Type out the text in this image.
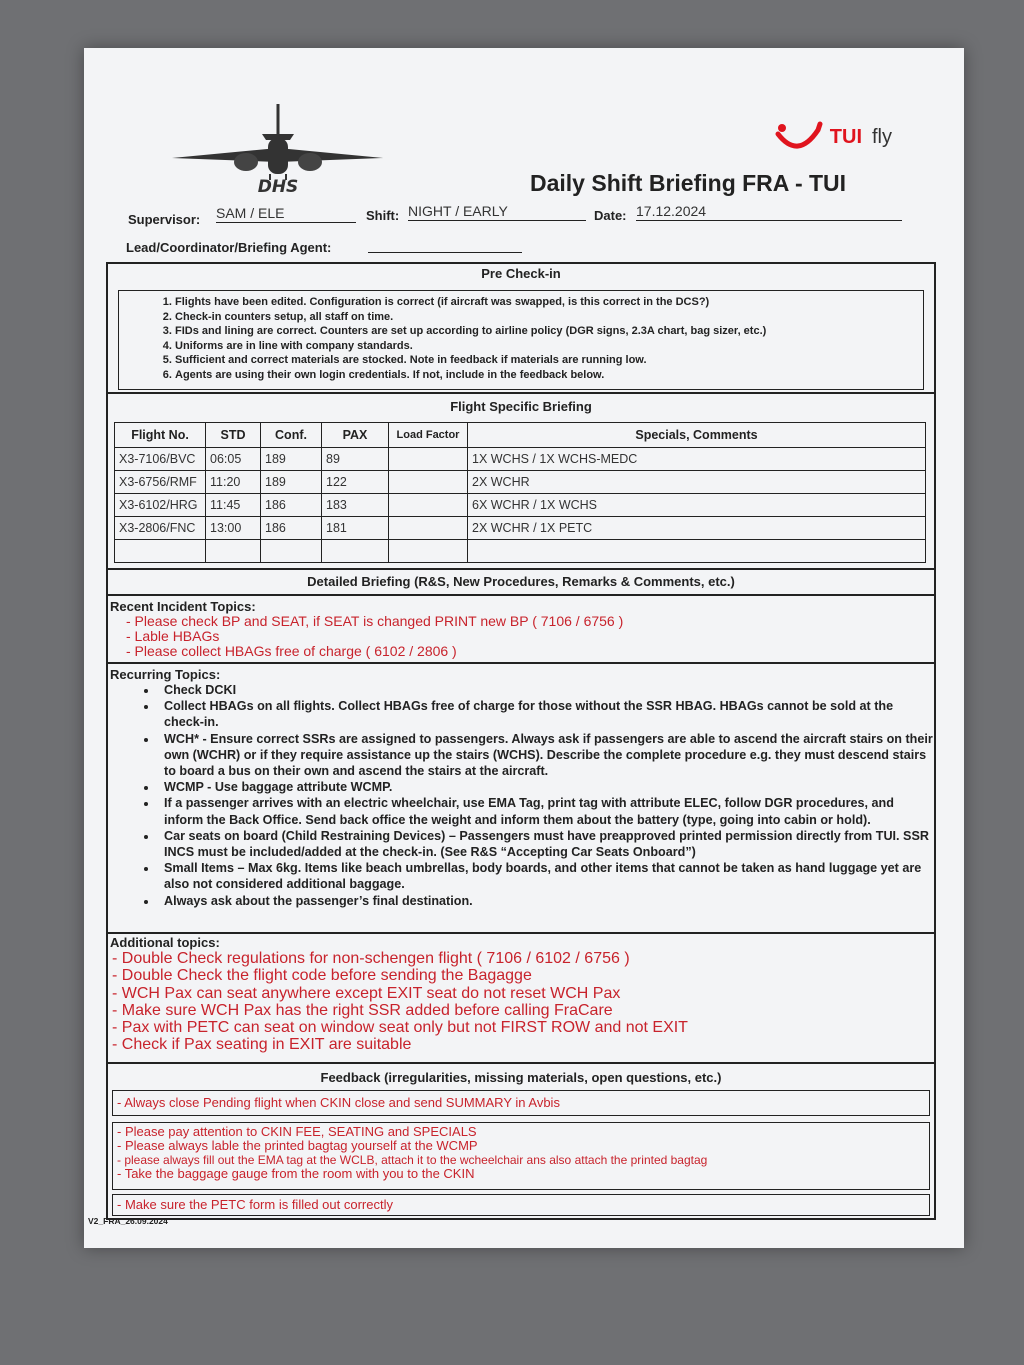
DHS
TUI fly
Daily Shift Briefing FRA - TUI
Supervisor: SAM / ELE	Shift: NIGHT / EARLY	Date: 17.12.2024
Lead/Coordinator/Briefing Agent:
Pre Check-in
1. Flights have been edited. Configuration is correct (if aircraft was swapped, is this correct in the DCS?)
2. Check-in counters setup, all staff on time.
3. FIDs and lining are correct. Counters are set up according to airline policy (DGR signs, 2.3A chart, bag sizer, etc.)
4. Uniforms are in line with company standards.
5. Sufficient and correct materials are stocked. Note in feedback if materials are running low.
6. Agents are using their own login credentials. If not, include in the feedback below.
Flight Specific Briefing
Flight No.	STD	Conf.	PAX	Load Factor	Specials, Comments
X3-7106/BVC	06:05	189	89		1X WCHS / 1X WCHS-MEDC
X3-6756/RMF	11:20	189	122		2X WCHR
X3-6102/HRG	11:45	186	183		6X WCHR / 1X WCHS
X3-2806/FNC	13:00	186	181		2X WCHR / 1X PETC

Detailed Briefing (R&S, New Procedures, Remarks & Comments, etc.)
Recent Incident Topics:
- Please check BP and SEAT, if SEAT is changed PRINT new BP ( 7106 / 6756 )
- Lable HBAGs
- Please collect HBAGs free of charge ( 6102 / 2806 )
Recurring Topics:
• Check DCKI
• Collect HBAGs on all flights. Collect HBAGs free of charge for those without the SSR HBAG. HBAGs cannot be sold at the check-in.
• WCH* - Ensure correct SSRs are assigned to passengers. Always ask if passengers are able to ascend the aircraft stairs on their own (WCHR) or if they require assistance up the stairs (WCHS). Describe the complete procedure e.g. they must descend stairs to board a bus on their own and ascend the stairs at the aircraft.
• WCMP - Use baggage attribute WCMP.
• If a passenger arrives with an electric wheelchair, use EMA Tag, print tag with attribute ELEC, follow DGR procedures, and inform the Back Office. Send back office the weight and inform them about the battery (type, going into cabin or hold).
• Car seats on board (Child Restraining Devices) – Passengers must have preapproved printed permission directly from TUI. SSR INCS must be included/added at the check-in. (See R&S “Accepting Car Seats Onboard”)
• Small Items – Max 6kg. Items like beach umbrellas, body boards, and other items that cannot be taken as hand luggage yet are also not considered additional baggage.
• Always ask about the passenger’s final destination.
Additional topics:
- Double Check regulations for non-schengen flight ( 7106 / 6102 / 6756 )
- Double Check the flight code before sending the Bagagge
- WCH Pax can seat anywhere except EXIT seat do not reset WCH Pax
- Make sure WCH Pax has the right SSR added before calling FraCare
- Pax with PETC can seat on window seat only but not FIRST ROW and not EXIT
- Check if Pax seating in EXIT are suitable
Feedback (irregularities, missing materials, open questions, etc.)
- Always close Pending flight when CKIN close and send SUMMARY in Avbis
- Please pay attention to CKIN FEE, SEATING and SPECIALS
- Please always lable the printed bagtag yourself at the WCMP
- please always fill out the EMA tag at the WCLB, attach it to the wcheelchair ans also attach the printed bagtag
- Take the baggage gauge from the room with you to the CKIN
- Make sure the PETC form is filled out correctly
V2_FRA_26.09.2024
